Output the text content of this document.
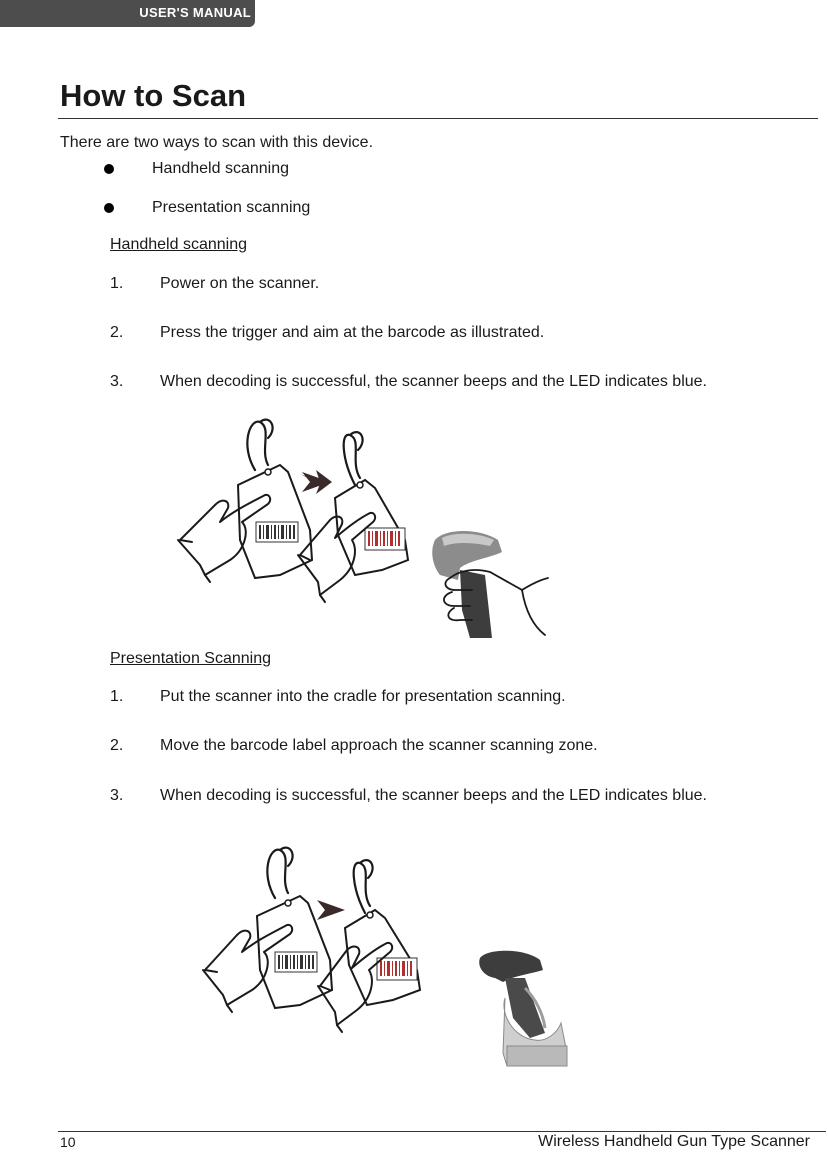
USER'S MANUAL
How to Scan
There are two ways to scan with this device.
Handheld scanning
Presentation scanning
Handheld scanning
1. Power on the scanner.
2. Press the trigger and aim at the barcode as illustrated.
3. When decoding is successful, the scanner beeps and the LED indicates blue.
Presentation Scanning
1. Put the scanner into the cradle for presentation scanning.
2. Move the barcode label approach the scanner scanning zone.
3. When decoding is successful, the scanner beeps and the LED indicates blue.
10	Wireless Handheld Gun Type Scanner
